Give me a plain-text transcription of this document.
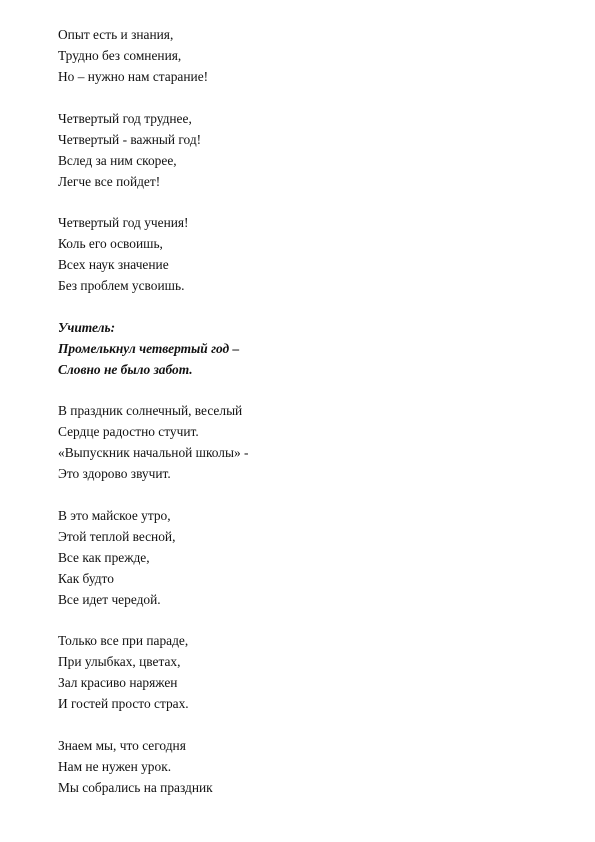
Опыт есть и знания,
Трудно без сомнения,
Но – нужно нам старание!
Четвертый год труднее,
Четвертый - важный год!
Вслед за ним скорее,
Легче все пойдет!
Четвертый год учения!
Коль его освоишь,
Всех наук значение
Без проблем усвоишь.
Учитель:
Промелькнул четвертый год –
Словно не было забот.
В праздник солнечный, веселый
Сердце радостно стучит.
«Выпускник начальной школы» -
Это здорово звучит.
В это майское утро,
Этой теплой весной,
Все как прежде,
Как будто
Все идет чередой.
Только все при параде,
При улыбках, цветах,
Зал красиво наряжен
И гостей просто страх.
Знаем мы, что сегодня
Нам не нужен урок.
Мы собрались на праздник
